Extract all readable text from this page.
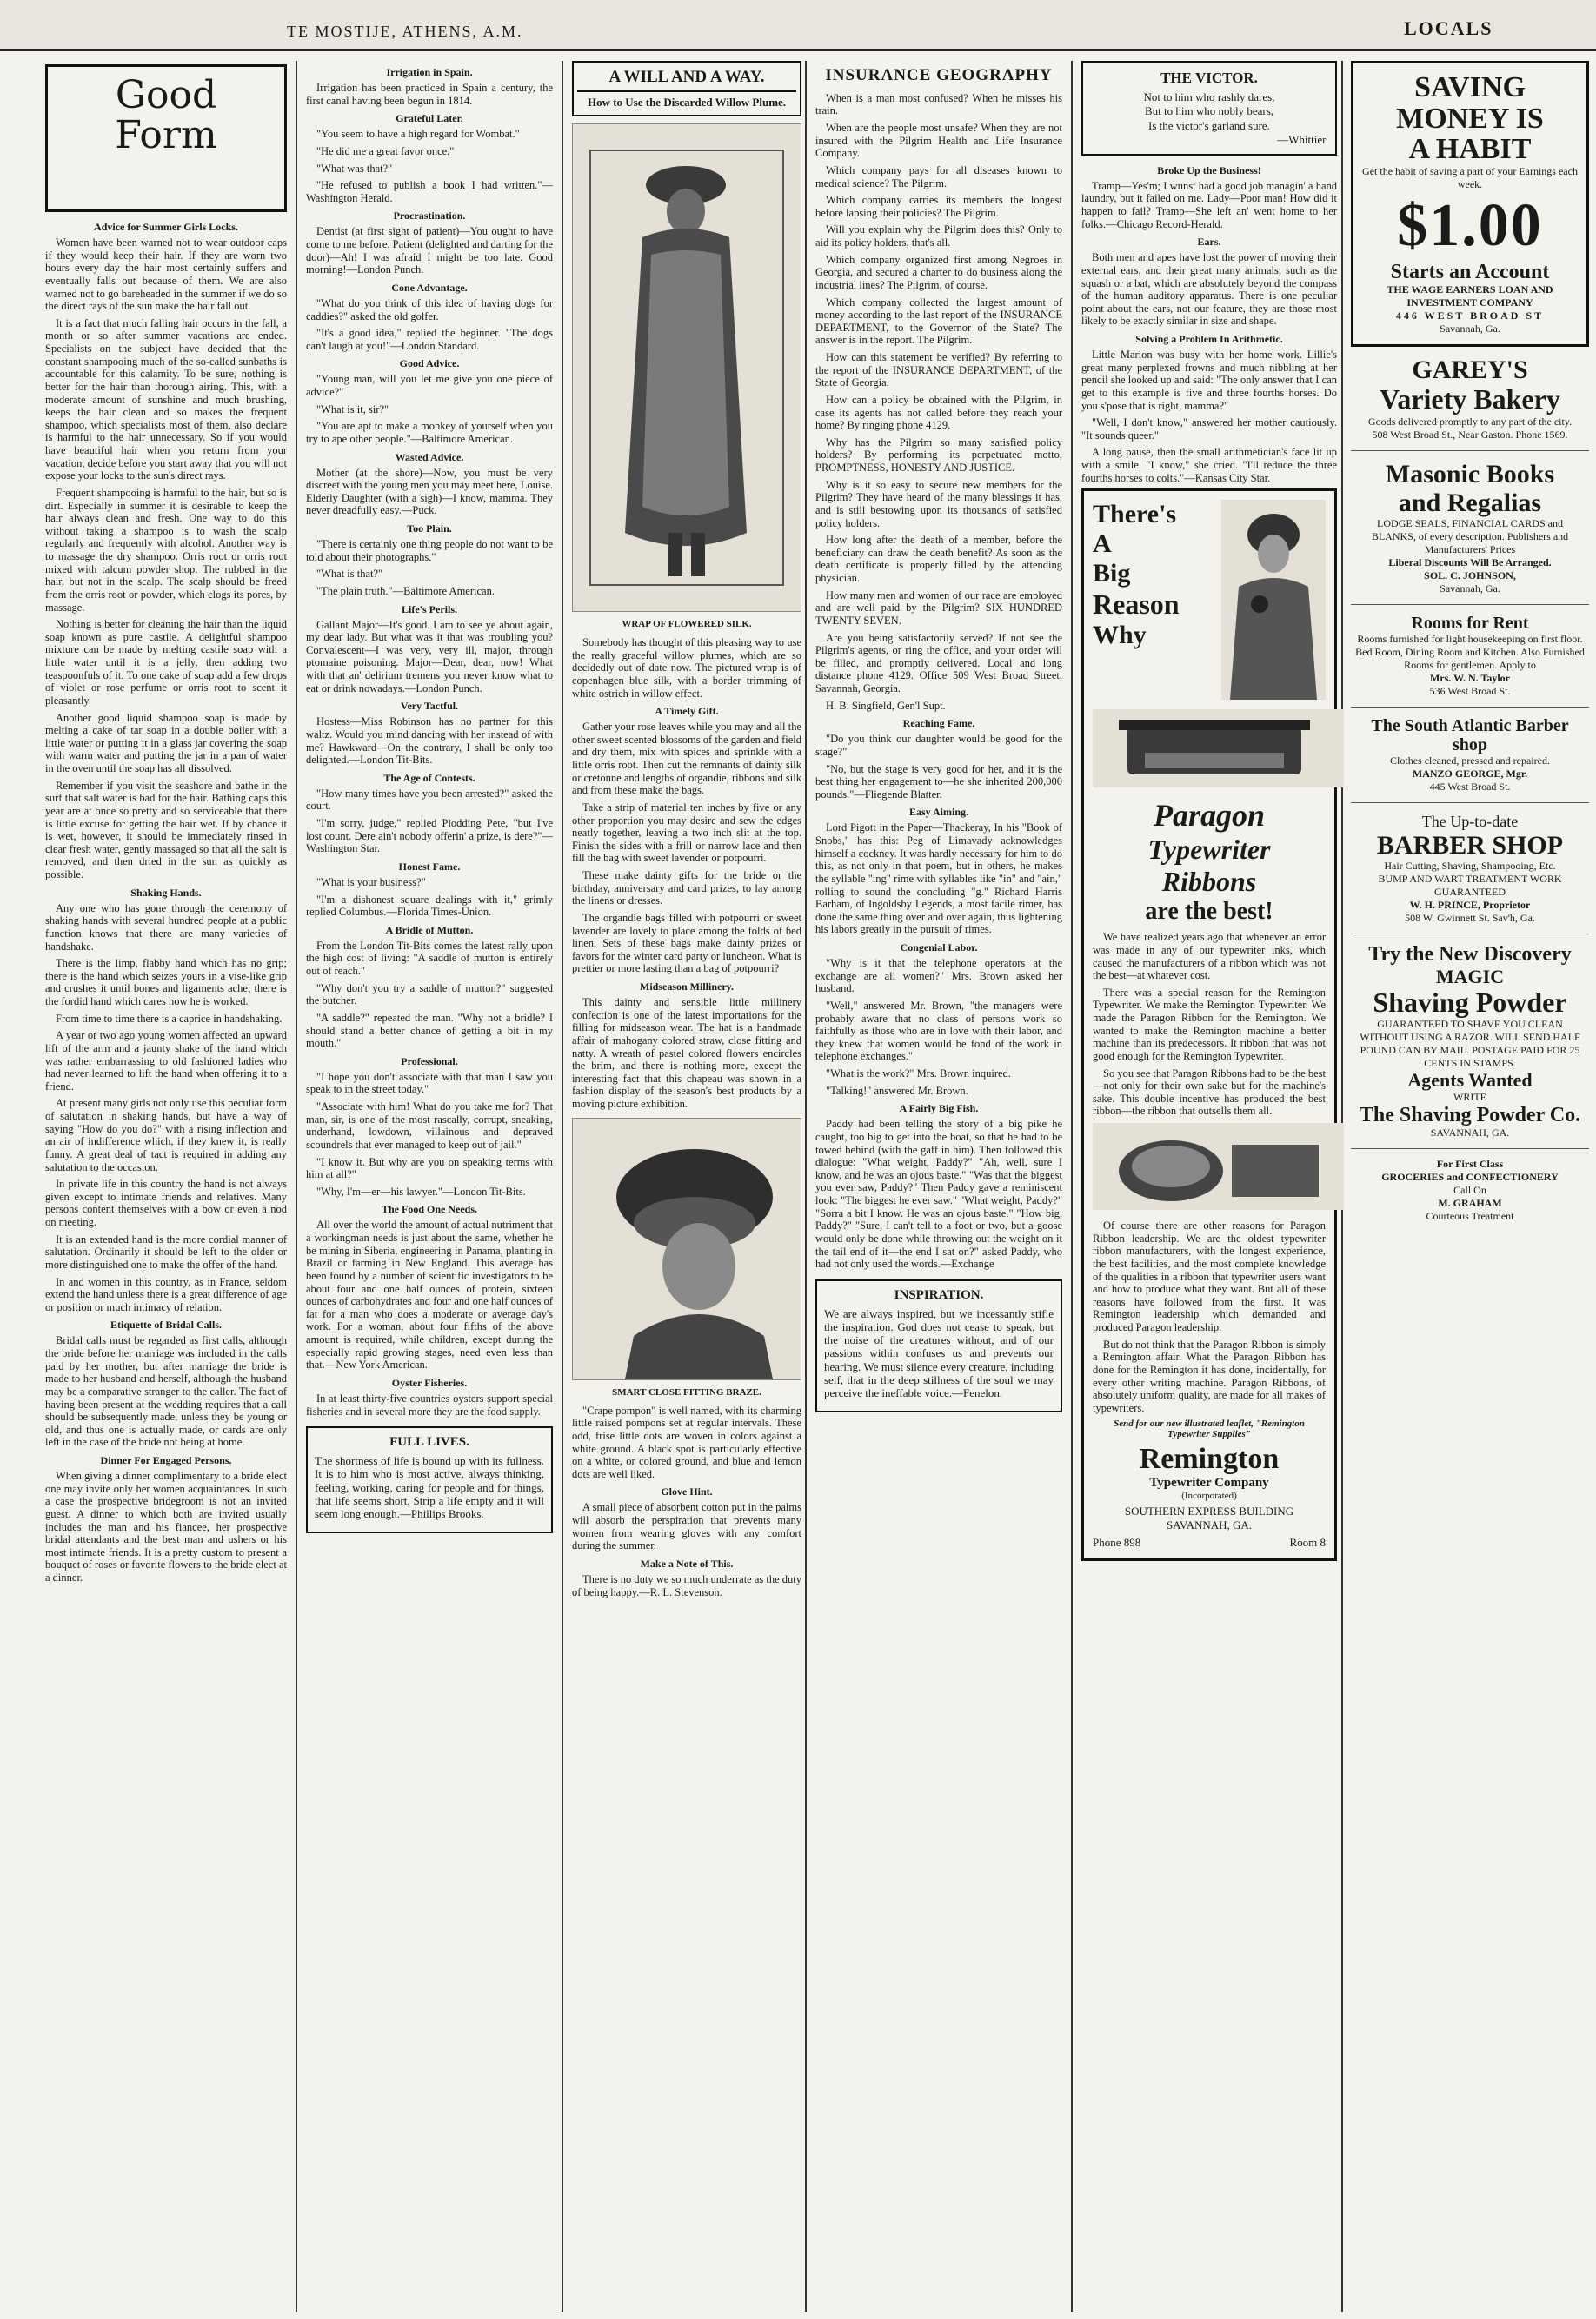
TE MOSTIJE, ATHENS, A.M.	LOCALS
Good
Form
Advice for Summer Girls Locks.

Women have been warned not to wear outdoor caps if they would keep their hair. If they are worn two hours every day the hair most certainly suffers and eventually falls out because of them. We are also warned not to go bareheaded in the summer if we do so the direct rays of the sun make the hair fall out.

It is a fact that much falling hair occurs in the fall, a month or so after summer vacations are ended. Specialists on the subject have decided that the constant shampooing much of the so-called sunbaths is accountable for this calamity. To be sure, nothing is better for the hair than thorough airing. This, with a moderate amount of sunshine and much brushing, keeps the hair clean and so makes the frequent shampoo, which specialists most of them, also declare is harmful to the hair unnecessary. So if you would have beautiful hair when you return from your vacation, decide before you start away that you will not expose your locks to the sun's direct rays.

Frequent shampooing is harmful to the hair, but so is dirt. Especially in summer it is desirable to keep the hair always clean and fresh. One way to do this without taking a shampoo is to wash the scalp regularly and frequently with alcohol. Another way is to massage the dry shampoo. Orris root or orris root mixed with talcum powder shop. The rubbed in the hair, but not in the scalp. The scalp should be freed from the orris root or powder, which clogs its pores, by massage.

Nothing is better for cleaning the hair than the liquid soap known as pure castile. A delightful shampoo mixture can be made by melting castile soap with a little water until it is a jelly, then adding two teaspoonfuls of it. To one cake of soap add a few drops of violet or rose perfume or orris root to scent it pleasantly.

Another good liquid shampoo soap is made by melting a cake of tar soap in a double boiler with a little water or putting it in a glass jar covering the soap with warm water and putting the jar in a pan of water in the oven until the soap has all dissolved.

Remember if you visit the seashore and bathe in the surf that salt water is bad for the hair. Bathing caps this year are at once so pretty and so serviceable that there is little excuse for getting the hair wet. If by chance it is wet, however, it should be immediately rinsed in clear fresh water, gently massaged so that all the salt is removed, and then dried in the sun as quickly as possible.

Shaking Hands.

Any one who has gone through the ceremony of shaking hands with several hundred people at a public function knows that there are many varieties of handshake.

There is the limp, flabby hand which has no grip; there is the hand which seizes yours in a vise-like grip and crushes it until bones and ligaments ache; there is the fordid hand which cares how he is worked.

From time to time there is a caprice in handshaking.

A year or two ago young women affected an upward lift of the arm and a jaunty shake of the hand which was rather embarrassing to old fashioned ladies who had never learned to lift the hand when offering it to a friend.

At present many girls not only use this peculiar form of salutation in shaking hands, but have a way of saying "How do you do?" with a rising inflection and an air of indifference which, if they knew it, is really funny. A great deal of tact is required in adding any salutation to the occasion.

In private life in this country the hand is not always given except to intimate friends and relatives. Many persons content themselves with a bow or even a nod on meeting.

It is an extended hand is the more cordial manner of salutation. Ordinarily it should be left to the older or more distinguished one to make the offer of the hand.

In and women in this country, as in France, seldom extend the hand unless there is a great difference of age or position or much intimacy of relation.

Etiquette of Bridal Calls.

Bridal calls must be regarded as first calls, although the bride before her marriage was included in the calls paid by her mother, but after marriage the bride is made to her husband and herself, although the husband may be a comparative stranger to the caller. The fact of having been present at the wedding requires that a call should be subsequently made, unless they be young or old, and thus one is actually made, or cards are only left in the case of the bride not being at home.

Dinner For Engaged Persons.

When giving a dinner complimentary to a bride elect one may invite only her women acquaintances. In such a case the prospective bridegroom is not an invited guest. A dinner to which both are invited usually includes the man and his fiancee, her prospective bridal attendants and the best man and ushers or his most intimate friends. It is a pretty custom to present a bouquet of roses or favorite flowers to the bride elect at a dinner.

Irrigation in Spain.

Irrigation has been practiced in Spain a century, the first canal having been begun in 1814.

Grateful Later.

"You seem to have a high regard for Wombat."

"He did me a great favor once."

"What was that?"

"He refused to publish a book I had written."—Washington Herald.

Procrastination.

Dentist (at first sight of patient)—You ought to have come to me before. Patient (delighted and darting for the door)—Ah! I was afraid I might be too late. Good morning!—London Punch.

Cone Advantage.

"What do you think of this idea of having dogs for caddies?" asked the old golfer.

"It's a good idea," replied the beginner. "The dogs can't laugh at you!"—London Standard.

Good Advice.

"Young man, will you let me give you one piece of advice?"

"What is it, sir?"

"You are apt to make a monkey of yourself when you try to ape other people."—Baltimore American.

Wasted Advice.

Mother (at the shore)—Now, you must be very discreet with the young men you may meet here, Louise. Elderly Daughter (with a sigh)—I know, mamma. They never dreadfully easy.—Puck.

Too Plain.

"There is certainly one thing people do not want to be told about their photographs."

"What is that?"

"The plain truth."—Baltimore American.

Life's Perils.

Gallant Major—It's good. I am to see ye about again, my dear lady. But what was it that was troubling you? Convalescent—I was very, very ill, major, through ptomaine poisoning. Major—Dear, dear, now! What with that an' delirium tremens you never know what to eat or drink nowadays.—London Punch.

Very Tactful.

Hostess—Miss Robinson has no partner for this waltz. Would you mind dancing with her instead of with me? Hawkward—On the contrary, I shall be only too delighted.—London Tit-Bits.

The Age of Contests.

"How many times have you been arrested?" asked the court.

"I'm sorry, judge," replied Plodding Pete, "but I've lost count. Dere ain't nobody offerin' a prize, is dere?"—Washington Star.

Honest Fame.

"What is your business?"

"I'm a dishonest square dealings with it," grimly replied Columbus.—Florida Times-Union.

A Bridle of Mutton.

From the London Tit-Bits comes the latest rally upon the high cost of living: "A saddle of mutton is entirely out of reach."

"Why don't you try a saddle of mutton?" suggested the butcher.

"A saddle?" repeated the man. "Why not a bridle? I should stand a better chance of getting a bit in my mouth."

Professional.

"I hope you don't associate with that man I saw you speak to in the street today."

"Associate with him! What do you take me for? That man, sir, is one of the most rascally, corrupt, sneaking, underhand, lowdown, villainous and depraved scoundrels that ever managed to keep out of jail."

"I know it. But why are you on speaking terms with him at all?"

"Why, I'm—er—his lawyer."—London Tit-Bits.

The Food One Needs.

All over the world the amount of actual nutriment that a workingman needs is just about the same, whether he be mining in Siberia, engineering in Panama, planting in Brazil or farming in New England. This average has been found by a number of scientific investigators to be about four and one half ounces of protein, sixteen ounces of carbohydrates and four and one half ounces of fat for a man who does a moderate or average day's work. For a woman, about four fifths of the above amount is required, while children, except during the especially rapid growing stages, need even less than that.—New York American.

Oyster Fisheries.

In at least thirty-five countries oysters support special fisheries and in several more they are the food supply.

FULL LIVES.

The shortness of life is bound up with its fullness. It is to him who is most active, always thinking, feeling, working, caring for people and for things, that life seems short. Strip a life empty and it will seem long enough.—Phillips Brooks.

A WILL AND A WAY.
How to Use the Discarded Willow Plume.
WRAP OF FLOWERED SILK.

Somebody has thought of this pleasing way to use the really graceful willow plumes, which are so decidedly out of date now. The pictured wrap is of copenhagen blue silk, with a border trimming of white ostrich in willow effect.

A Timely Gift.

Gather your rose leaves while you may and all the other sweet scented blossoms of the garden and field and dry them, mix with spices and sprinkle with a little orris root. Then cut the remnants of dainty silk or cretonne and lengths of organdie, ribbons and silk and from these make the bags.

Take a strip of material ten inches by five or any other proportion you may desire and sew the edges neatly together, leaving a two inch slit at the top. Finish the sides with a frill or narrow lace and then fill the bag with sweet lavender or potpourri.

These make dainty gifts for the bride or the birthday, anniversary and card prizes, to lay among the linens or dresses.

The organdie bags filled with potpourri or sweet lavender are lovely to place among the folds of bed linen. Sets of these bags make dainty prizes or favors for the winter card party or luncheon. What is prettier or more lasting than a bag of potpourri?

Midseason Millinery.

This dainty and sensible little millinery confection is one of the latest importations for the filling for midseason wear. The hat is a handmade affair of mahogany colored straw, close fitting and natty. A wreath of pastel colored flowers encircles the brim, and there is nothing more, except the interesting fact that this chapeau was shown in a fashion display of the season's best products by a moving picture exhibition.

SMART CLOSE FITTING BRAZE.

"Crape pompon" is well named, with its charming little raised pompons set at regular intervals. These odd, frise little dots are woven in colors against a white ground. A black spot is particularly effective on a white, or colored ground, and blue and lemon dots are well liked.

Glove Hint.

A small piece of absorbent cotton put in the palms will absorb the perspiration that prevents many women from wearing gloves with any comfort during the summer.

Make a Note of This.

There is no duty we so much underrate as the duty of being happy.—R. L. Stevenson.

INSURANCE GEOGRAPHY

When is a man most confused? When he misses his train.

When are the people most unsafe? When they are not insured with the Pilgrim Health and Life Insurance Company.

Which company pays for all diseases known to medical science? The Pilgrim.

Which company carries its members the longest before lapsing their policies? The Pilgrim.

Will you explain why the Pilgrim does this? Only to aid its policy holders, that's all.

Which company organized first among Negroes in Georgia, and secured a charter to do business along the industrial lines? The Pilgrim, of course.

Which company collected the largest amount of money according to the last report of the INSURANCE DEPARTMENT, to the Governor of the State? The answer is in the report. The Pilgrim.

How can this statement be verified? By referring to the report of the INSURANCE DEPARTMENT, of the State of Georgia.

How can a policy be obtained with the Pilgrim, in case its agents has not called before they reach your home? By ringing phone 4129.

Why has the Pilgrim so many satisfied policy holders? By performing its perpetuated motto, PROMPTNESS, HONESTY AND JUSTICE.

Why is it so easy to secure new members for the Pilgrim? They have heard of the many blessings it has, and is still bestowing upon its thousands of satisfied policy holders.

How long after the death of a member, before the beneficiary can draw the death benefit? As soon as the death certificate is properly filled by the attending physician.

How many men and women of our race are employed and are well paid by the Pilgrim? SIX HUNDRED TWENTY SEVEN.

Are you being satisfactorily served? If not see the Pilgrim's agents, or ring the office, and your order will be filled, and promptly delivered. Local and long distance phone 4129. Office 509 West Broad Street, Savannah, Georgia.

H. B. Singfield, Gen'l Supt.

Reaching Fame.

"Do you think our daughter would be good for the stage?"

"No, but the stage is very good for her, and it is the best thing her engagement to—he she inherited 200,000 pounds."—Fliegende Blatter.

Easy Aiming.

Lord Pigott in the Paper—Thackeray, In his "Book of Snobs," has this: Peg of Limavady acknowledges himself a cockney. It was hardly necessary for him to do this, as not only in that poem, but in others, he makes the syllable "ing" rime with syllables like "in" and "ain," rolling to sound the concluding "g." Richard Harris Barham, of Ingoldsby Legends, a most facile rimer, has done the same thing over and over again, thus lightening his labors greatly in the pursuit of rimes.

Congenial Labor.

"Why is it that the telephone operators at the exchange are all women?" Mrs. Brown asked her husband.

"Well," answered Mr. Brown, "the managers were probably aware that no class of persons work so faithfully as those who are in love with their labor, and they knew that women would be fond of the work in telephone exchanges."

"What is the work?" Mrs. Brown inquired.

"Talking!" answered Mr. Brown.

A Fairly Big Fish.

Paddy had been telling the story of a big pike he caught, too big to get into the boat, so that he had to be towed behind (with the gaff in him). Then followed this dialogue: "What weight, Paddy?" "Ah, well, sure I know, and he was an ojous baste." "Was that the biggest you ever saw, Paddy?" Then Paddy gave a reminiscent look: "The biggest he ever saw." "What weight, Paddy?" "Sorra a bit I know. He was an ojous baste." "How big, Paddy?" "Sure, I can't tell to a foot or two, but a goose would only be done while throwing out the weight on it the tail end of it—the end I sat on?" asked Paddy, who had not only used the words.—Exchange

INSPIRATION.

We are always inspired, but we incessantly stifle the inspiration. God does not cease to speak, but the noise of the creatures without, and of our passions within confuses us and prevents our hearing. We must silence every creature, including self, that in the deep stillness of the soul we may perceive the ineffable voice.—Fenelon.

THE VICTOR.
Not to him who rashly dares,
But to him who nobly bears,
Is the victor's garland sure.
—Whittier.
Broke Up the Business!

Tramp—Yes'm; I wunst had a good job managin' a hand laundry, but it failed on me. Lady—Poor man! How did it happen to fail? Tramp—She left an' went home to her folks.—Chicago Record-Herald.

Ears.

Both men and apes have lost the power of moving their external ears, and their great many animals, such as the squash or a bat, which are absolutely beyond the compass of the human auditory apparatus. There is one peculiar point about the ears, not our feature, they are those most likely to be exactly similar in size and shape.

Solving a Problem In Arithmetic.

Little Marion was busy with her home work. Lillie's great many perplexed frowns and much nibbling at her pencil she looked up and said: "The only answer that I can get to this example is five and three fourths horses. Do you s'pose that is right, mamma?"

"Well, I don't know," answered her mother cautiously. "It sounds queer."

A long pause, then the small arithmetician's face lit up with a smile. "I know," she cried. "I'll reduce the three fourths horses to colts."—Kansas City Star.

There's
A
Big
Reason
Why
Paragon
Typewriter
Ribbons
are the best!

We have realized years ago that whenever an error was made in any of our typewriter inks, which caused the manufacturers of a ribbon which was not the best—at whatever cost.

There was a special reason for the Remington Typewriter. We make the Remington Typewriter. We made the Paragon Ribbon for the Remington. We wanted to make the Remington machine a better machine than its predecessors. It ribbon that was not good enough for the Remington Typewriter.

So you see that Paragon Ribbons had to be the best—not only for their own sake but for the machine's sake. This double incentive has produced the best ribbon—the ribbon that outsells them all.

Of course there are other reasons for Paragon Ribbon leadership. We are the oldest typewriter ribbon manufacturers, with the longest experience, the best facilities, and the most complete knowledge of the qualities in a ribbon that typewriter users want and how to produce what they want. But all of these reasons have followed from the first. It was Remington leadership which demanded and produced Paragon leadership.

But do not think that the Paragon Ribbon is simply a Remington affair. What the Paragon Ribbon has done for the Remington it has done, incidentally, for every other writing machine. Paragon Ribbons, of absolutely uniform quality, are made for all makes of typewriters.

Send for our new illustrated leaflet, "Remington Typewriter Supplies"
Remington
Typewriter Company
(Incorporated)
SOUTHERN EXPRESS BUILDING
SAVANNAH, GA.
Phone 898	Room 8
SAVING
MONEY IS
A HABIT
Get the habit of saving a part of your Earnings each week.
$1.00
Starts an Account
THE WAGE EARNERS LOAN AND INVESTMENT COMPANY
446 WEST BROAD ST
Savannah, Ga.
GAREY'S
Variety Bakery
Goods delivered promptly to any part of the city.
508 West Broad St., Near Gaston. Phone 1569.
Masonic Books
and Regalias
LODGE SEALS, FINANCIAL CARDS and BLANKS, of every description. Publishers and Manufacturers' Prices
Liberal Discounts Will Be Arranged.
SOL. C. JOHNSON,
Savannah, Ga.
Rooms for Rent
Rooms furnished for light housekeeping on first floor. Bed Room, Dining Room and Kitchen. Also Furnished Rooms for gentlemen. Apply to
Mrs. W. N. Taylor
536 West Broad St.
The South Atlantic Barber shop
Clothes cleaned, pressed and repaired.
MANZO GEORGE, Mgr.
445 West Broad St.
The Up-to-date
BARBER SHOP
Hair Cutting, Shaving, Shampooing, Etc.
BUMP AND WART TREATMENT WORK GUARANTEED
W. H. PRINCE, Proprietor
508 W. Gwinnett St. Sav'h, Ga.
Try the New Discovery
MAGIC
Shaving Powder
GUARANTEED TO SHAVE YOU CLEAN WITHOUT USING A RAZOR. WILL SEND HALF POUND CAN BY MAIL. POSTAGE PAID FOR 25 CENTS IN STAMPS.
Agents Wanted
WRITE
The Shaving Powder Co.
SAVANNAH, GA.
For First Class
GROCERIES and CONFECTIONERY
Call On
M. GRAHAM
Courteous Treatment
